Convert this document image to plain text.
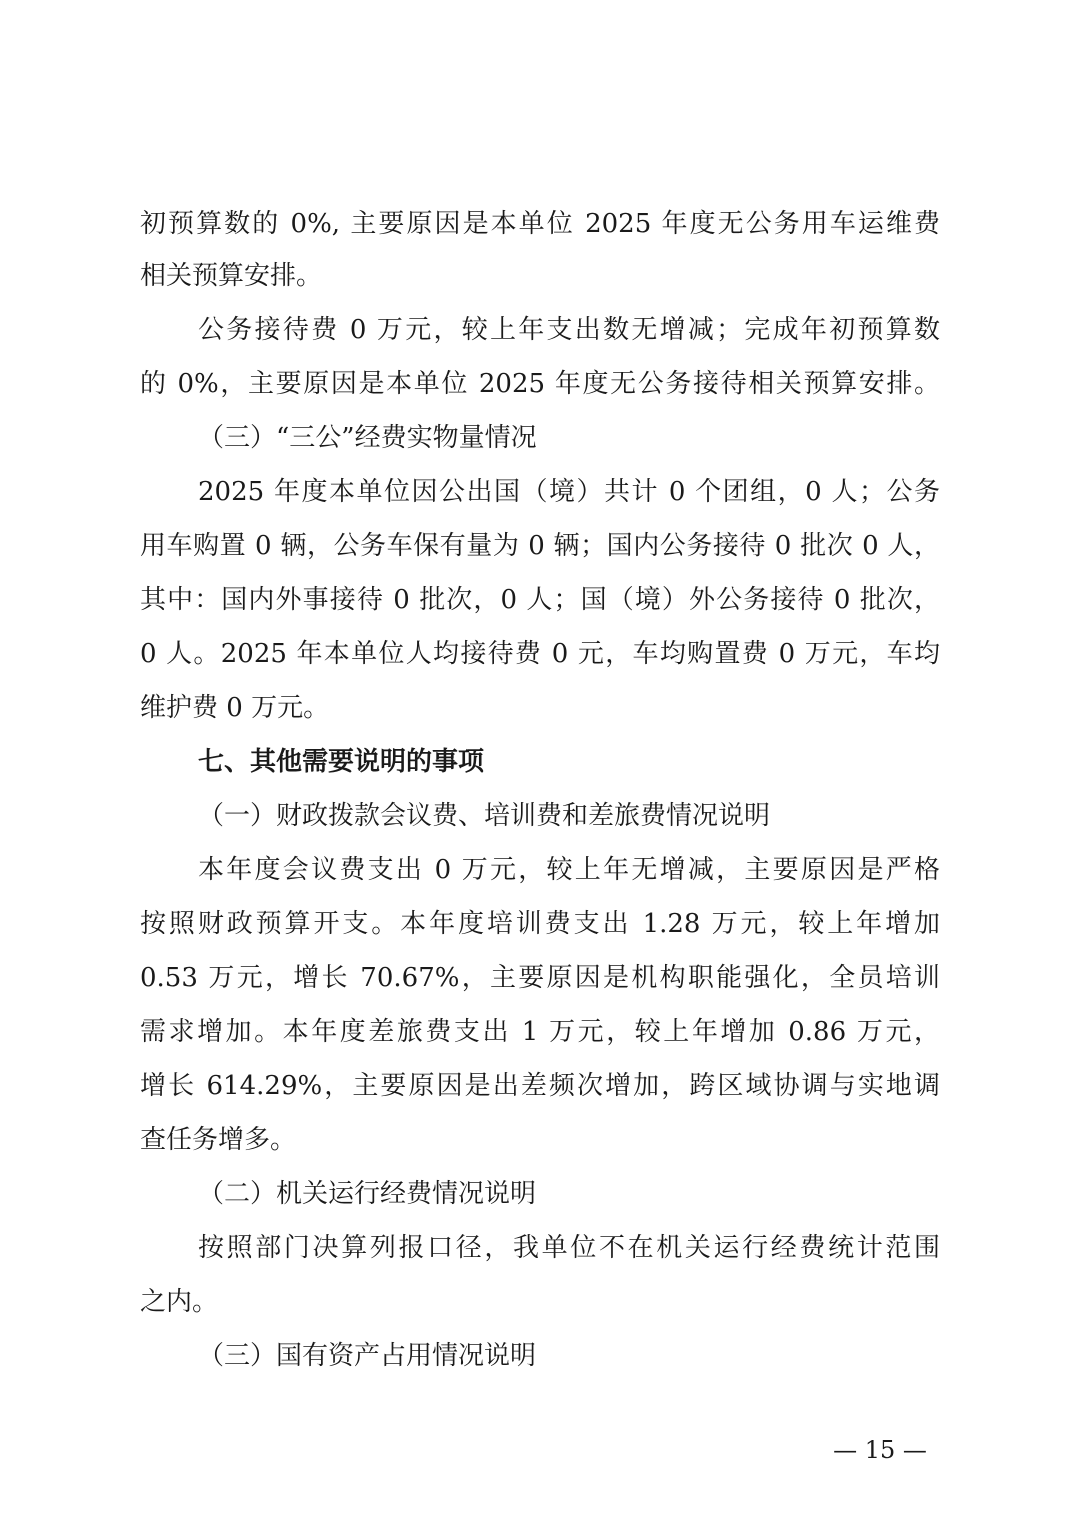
初预算数的 0%, 主要原因是本单位 2025 年度无公务用车运维费
相关预算安排。
公务接待费 0 万元，较上年支出数无增减；完成年初预算数
的 0%，主要原因是本单位 2025 年度无公务接待相关预算安排。
（三）“三公”经费实物量情况
2025 年度本单位因公出国（境）共计 0 个团组，0 人；公务
用车购置 0 辆，公务车保有量为 0 辆；国内公务接待 0 批次 0 人，
其中：国内外事接待 0 批次，0 人；国（境）外公务接待 0 批次，
0 人。2025 年本单位人均接待费 0 元，车均购置费 0 万元，车均
维护费 0 万元。
七、其他需要说明的事项
（一）财政拨款会议费、培训费和差旅费情况说明
本年度会议费支出 0 万元，较上年无增减，主要原因是严格
按照财政预算开支。本年度培训费支出 1.28 万元，较上年增加
0.53 万元，增长 70.67%，主要原因是机构职能强化，全员培训
需求增加。本年度差旅费支出 1 万元，较上年增加 0.86 万元，
增长 614.29%，主要原因是出差频次增加，跨区域协调与实地调
查任务增多。
（二）机关运行经费情况说明
按照部门决算列报口径，我单位不在机关运行经费统计范围
之内。
（三）国有资产占用情况说明
— 15 —
